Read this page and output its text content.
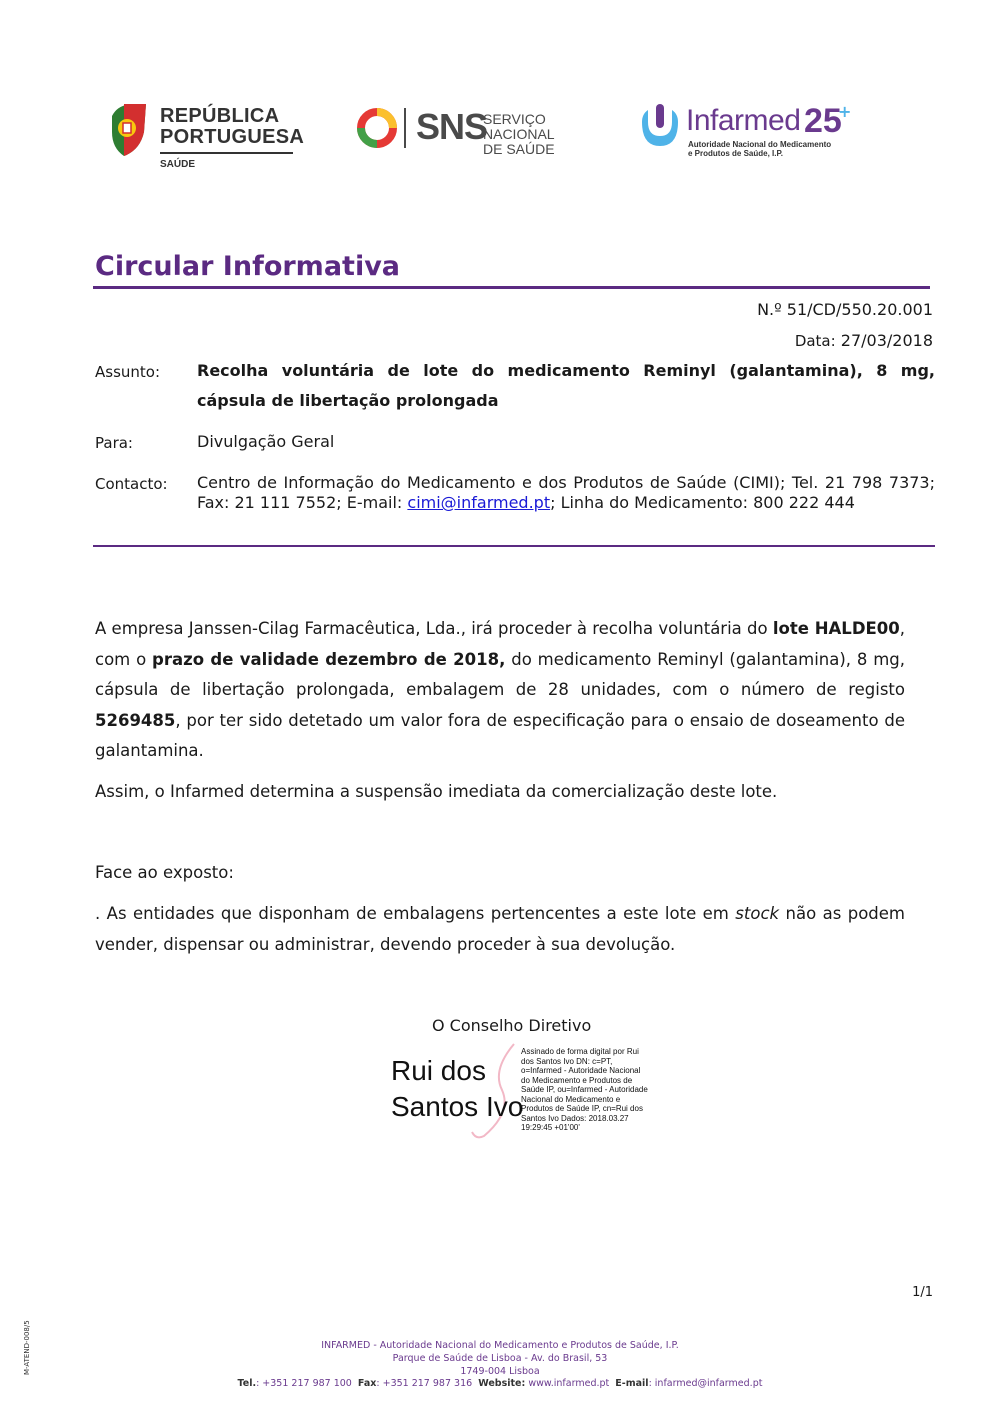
REPÚBLICA
PORTUGUESA
SAÚDE
SNS
SERVIÇO NACIONAL
DE SAÚDE
Infarmed 25
+
Autoridade Nacional do Medicamento
e Produtos de Saúde, I.P.
Circular Informativa
N.º 51/CD/550.20.001
Data: 27/03/2018
Assunto: Recolha voluntária de lote do medicamento Reminyl (galantamina), 8 mg, cápsula de libertação prolongada
Para:	Divulgação Geral
Contacto: Centro de Informação do Medicamento e dos Produtos de Saúde (CIMI); Tel. 21 798 7373; Fax: 21 111 7552; E-mail: cimi@infarmed.pt; Linha do Medicamento: 800 222 444
A empresa Janssen-Cilag Farmacêutica, Lda., irá proceder à recolha voluntária do lote HALDE00, com o prazo de validade dezembro de 2018, do medicamento Reminyl (galantamina), 8 mg, cápsula de libertação prolongada, embalagem de 28 unidades, com o número de registo 5269485, por ter sido detetado um valor fora de especificação para o ensaio de doseamento de galantamina.
Assim, o Infarmed determina a suspensão imediata da comercialização deste lote.
Face ao exposto:
. As entidades que disponham de embalagens pertencentes a este lote em stock não as podem vender, dispensar ou administrar, devendo proceder à sua devolução.
O Conselho Diretivo
Rui dos
Santos Ivo
Assinado de forma digital por Rui dos Santos Ivo DN: c=PT, o=Infarmed - Autoridade Nacional do Medicamento e Produtos de Saúde IP, ou=Infarmed - Autoridade Nacional do Medicamento e Produtos de Saúde IP, cn=Rui dos Santos Ivo Dados: 2018.03.27 19:29:45 +01'00'
1/1
M-ATEND-008/5	INFARMED - Autoridade Nacional do Medicamento e Produtos de Saúde, I.P.
Parque de Saúde de Lisboa - Av. do Brasil, 53
1749-004 Lisboa
Tel.: +351 217 987 100 Fax: +351 217 987 316 Website: www.infarmed.pt E-mail: infarmed@infarmed.pt
